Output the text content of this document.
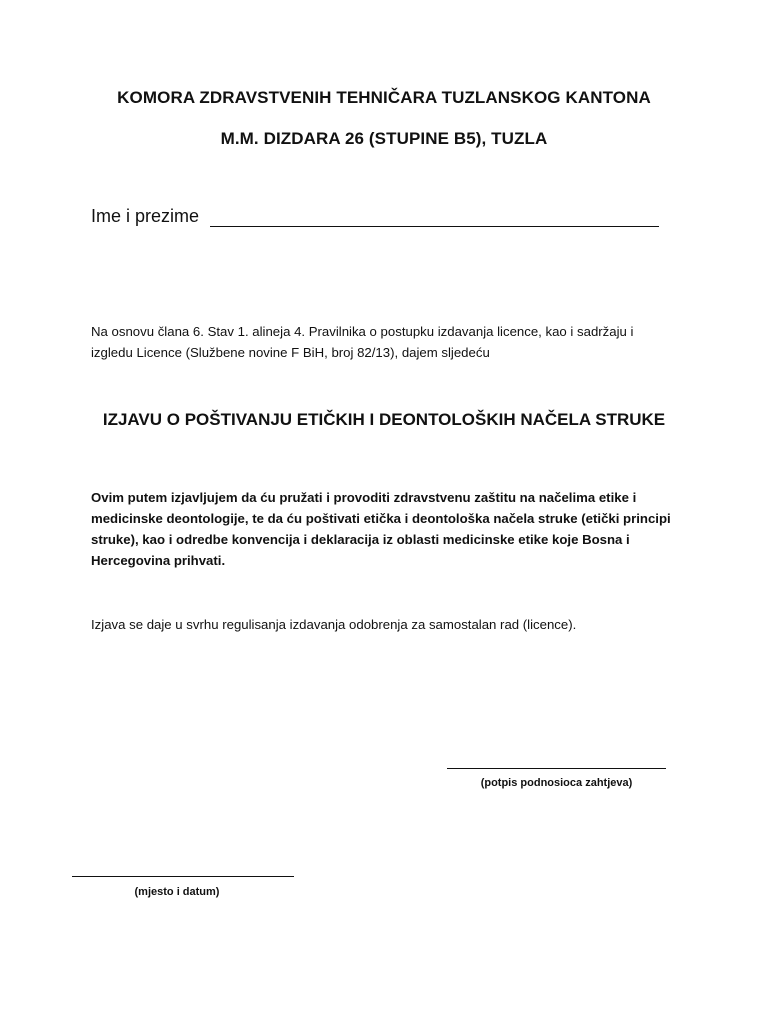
KOMORA ZDRAVSTVENIH TEHNIČARA TUZLANSKOG KANTONA
M.M. DIZDARA 26 (STUPINE B5), TUZLA
Ime i prezime
Na osnovu člana 6. Stav 1. alineja 4. Pravilnika o postupku izdavanja licence, kao i sadržaju i izgledu Licence (Službene novine F BiH, broj 82/13), dajem sljedeću
IZJAVU O POŠTIVANJU ETIČKIH I DEONTOLOŠKIH NAČELA STRUKE
Ovim putem izjavljujem da ću pružati i provoditi zdravstvenu zaštitu na načelima etike i medicinske deontologije, te da ću poštivati etička i deontološka načela struke (etički principi struke), kao i odredbe konvencija i deklaracija iz oblasti medicinske etike koje Bosna i Hercegovina prihvati.
Izjava se daje u svrhu regulisanja izdavanja odobrenja za samostalan rad (licence).
(potpis podnosioca zahtjeva)
(mjesto i datum)
